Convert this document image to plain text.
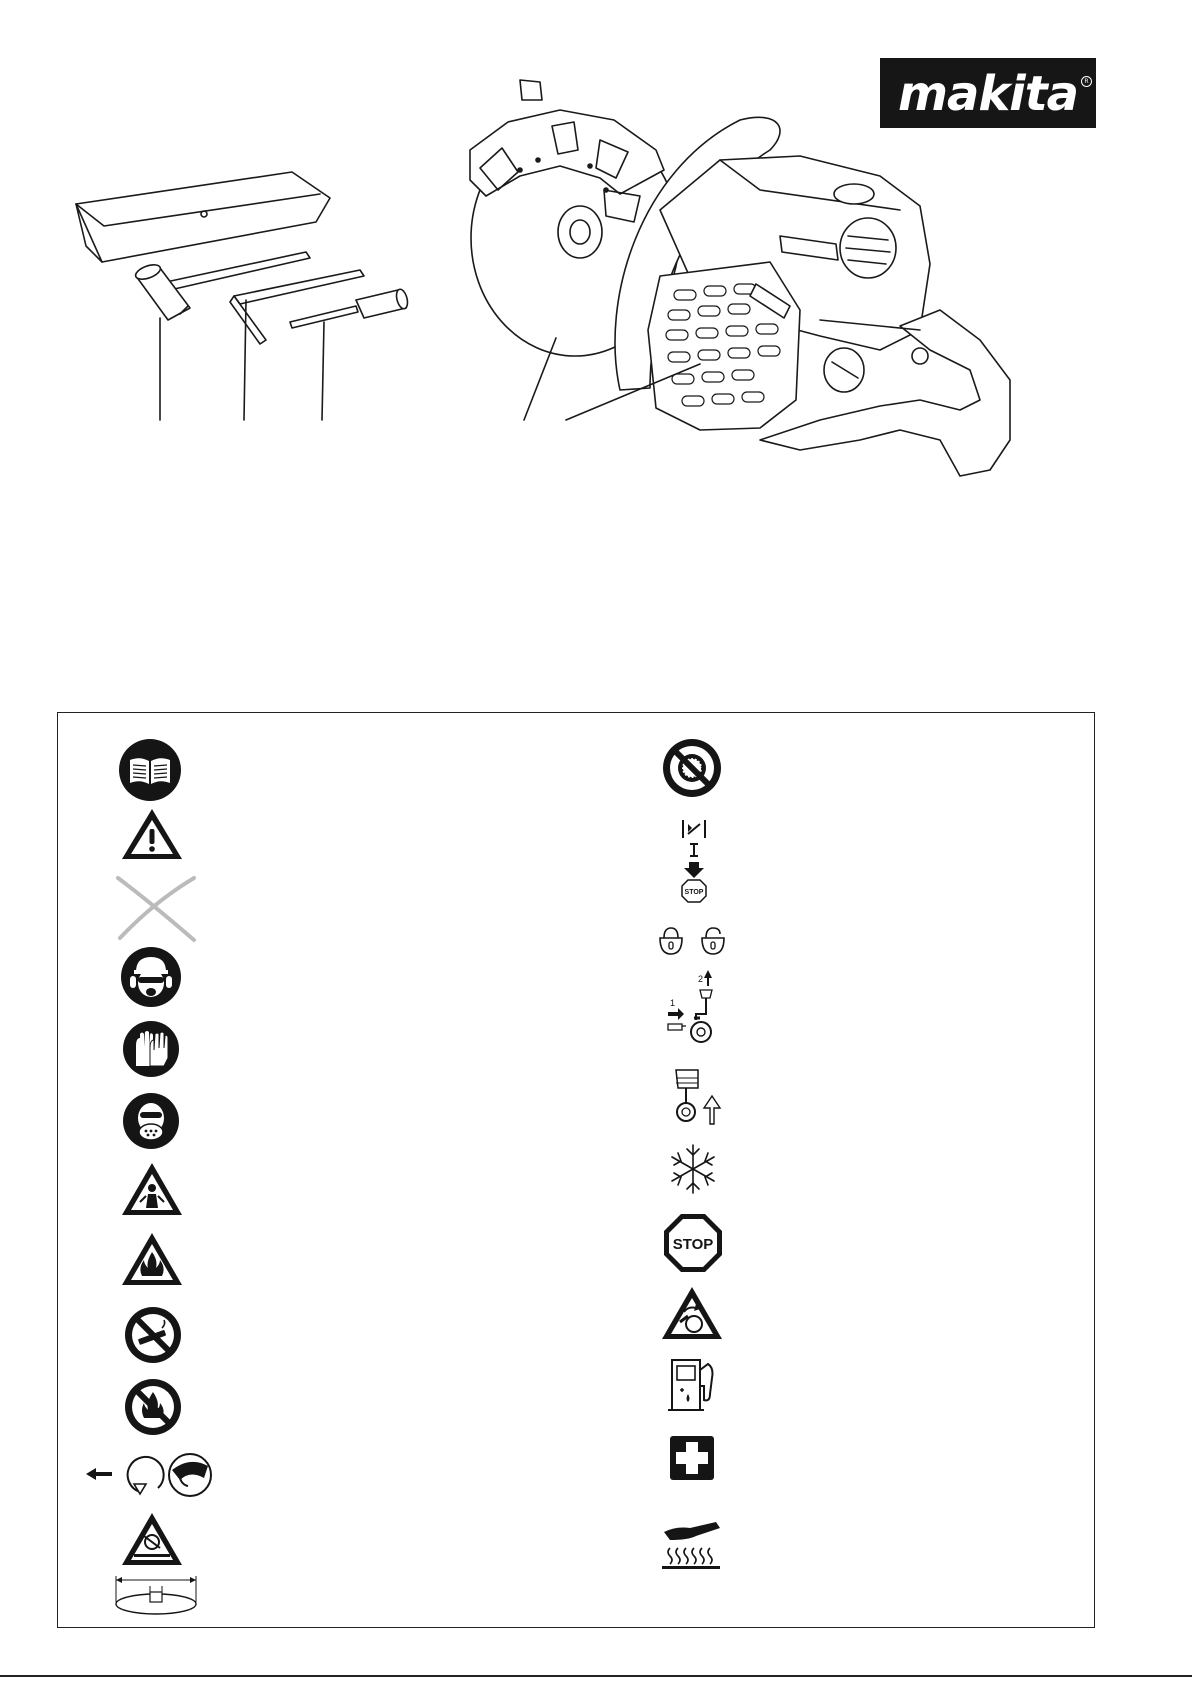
makita	R
STOP
1
2
STOP
